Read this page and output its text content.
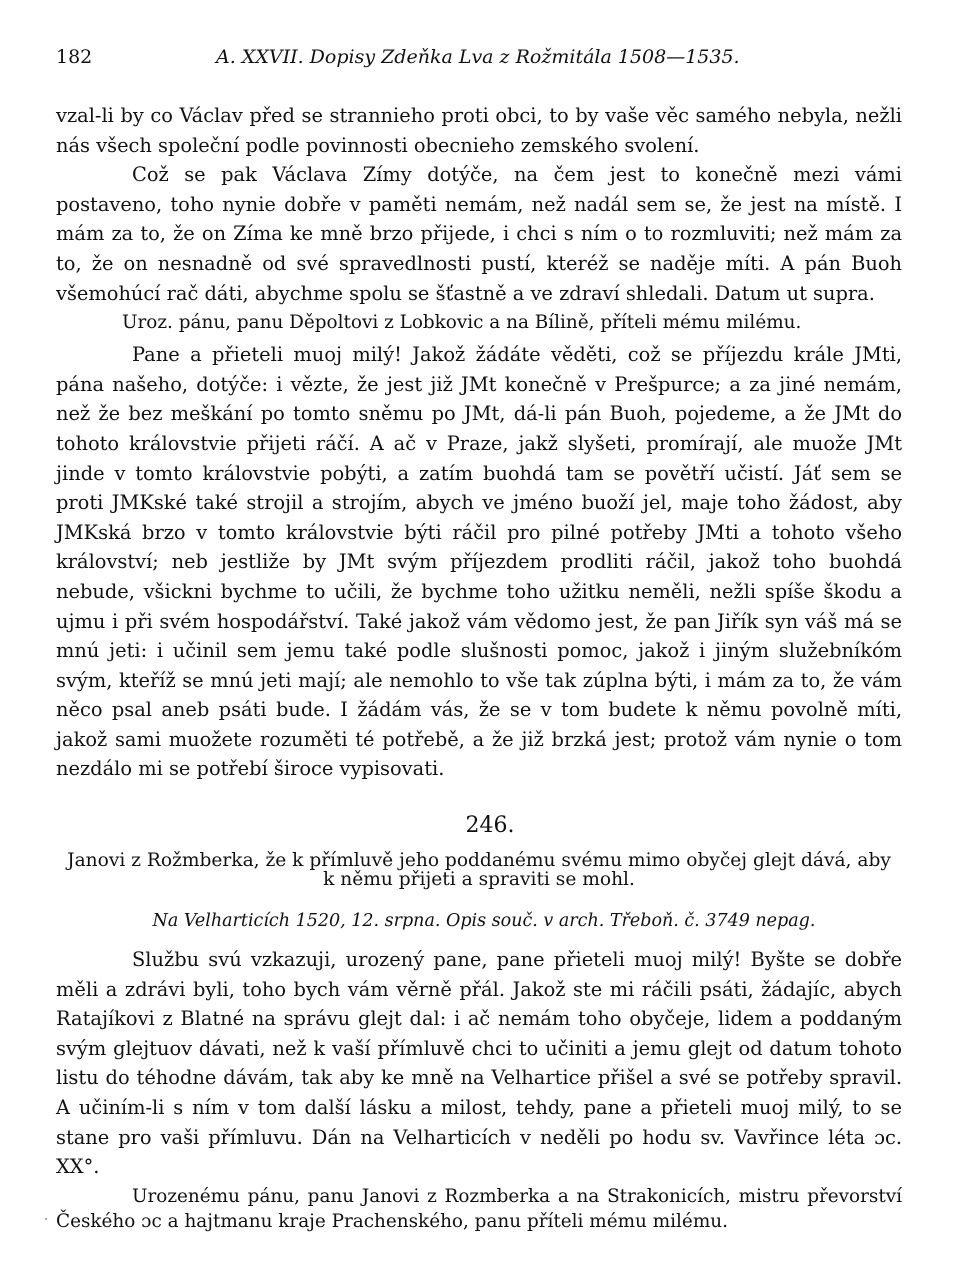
182	A. XXVII. Dopisy Zdeňka Lva z Rožmitála 1508—1535.

vzal-li by co Václav před se strannieho proti obci, to by vaše věc samého nebyla, nežli nás všech společní podle povinnosti obecnieho zemského svolení.

Což se pak Václava Zímy dotýče, na čem jest to konečně mezi vámi postaveno, toho nynie dobře v paměti nemám, než nadál sem se, že jest na místě. I mám za to, že on Zíma ke mně brzo přijede, i chci s ním o to rozmluviti; než mám za to, že on nesnadně od své spravedlnosti pustí, kteréž se naděje míti. A pán Buoh všemohúcí rač dáti, abychme spolu se šťastně a ve zdraví shledali. Datum ut supra.

Uroz. pánu, panu Děpoltovi z Lobkovic a na Bílině, příteli mému milému.

Pane a přieteli muoj milý! Jakož žádáte věděti, což se příjezdu krále JMti, pána našeho, dotýče: i vězte, že jest již JMt konečně v Prešpurce; a za jiné nemám, než že bez meškání po tomto sněmu po JMt, dá-li pán Buoh, pojedeme, a že JMt do tohoto královstvie přijeti ráčí. A ač v Praze, jakž slyšeti, promírají, ale muože JMt jinde v tomto královstvie pobýti, a zatím buohdá tam se povětří učistí. Jáť sem se proti JMKské také strojil a strojím, abych ve jméno buoží jel, maje toho žádost, aby JMKská brzo v tomto královstvie býti ráčil pro pilné potřeby JMti a tohoto všeho království; neb jestliže by JMt svým příjezdem prodliti ráčil, jakož toho buohdá nebude, všickni bychme to učili, že bychme toho užitku neměli, nežli spíše škodu a ujmu i při svém hospodářství. Také jakož vám vědomo jest, že pan Jiřík syn váš má se mnú jeti: i učinil sem jemu také podle slušnosti pomoc, jakož i jiným služebníkóm svým, kteříž se mnú jeti mají; ale nemohlo to vše tak zúplna býti, i mám za to, že vám něco psal aneb psáti bude. I žádám vás, že se v tom budete k němu povolně míti, jakož sami muožete rozuměti té potřebě, a že již brzká jest; protož vám nynie o tom nezdálo mi se potřebí široce vypisovati.

246.
Janovi z Rožmberka, že k přímluvě jeho poddanému svému mimo obyčej glejt dává, aby k němu přijeti a spraviti se mohl.
Na Velharticích 1520, 12. srpna. Opis souč. v arch. Třeboň. č. 3749 nepag.

Službu svú vzkazuji, urozený pane, pane přieteli muoj milý! Byšte se dobře měli a zdrávi byli, toho bych vám věrně přál. Jakož ste mi ráčili psáti, žádajíc, abych Ratajíkovi z Blatné na správu glejt dal: i ač nemám toho obyčeje, lidem a poddaným svým glejtuov dávati, než k vaší přímluvě chci to učiniti a jemu glejt od datum tohoto listu do téhodne dávám, tak aby ke mně na Velhartice přišel a své se potřeby spravil. A učiním-li s ním v tom další lásku a milost, tehdy, pane a přieteli muoj milý, to se stane pro vaši přímluvu. Dán na Velharticích v neděli po hodu sv. Vavřince léta ɔc. XX°.

Urozenému pánu, panu Janovi z Rozmberka a na Strakonicích, mistru převorství Českého ɔc a hajtmanu kraje Prachenského, panu příteli mému milému.
